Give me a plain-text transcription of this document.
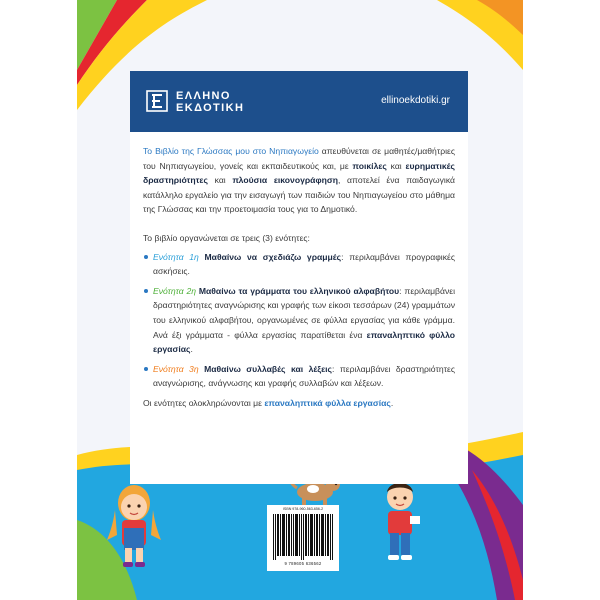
ΕΛΛΗΝΟ
ΕΚΔΟΤΙΚΗ
ellinoekdotiki.gr

Το Βιβλίο της Γλώσσας μου στο Νηπιαγωγείο απευθύνεται σε μαθητές/μαθήτριες του Νηπιαγωγείου, γονείς και εκπαιδευτικούς και, με ποικίλες και ευρηματικές δραστηριότητες και πλούσια εικονογράφηση, αποτελεί ένα παιδαγωγικά κατάλληλο εργαλείο για την εισαγωγή των παιδιών του Νηπιαγωγείου στο μάθημα της Γλώσσας και την προετοιμασία τους για το Δημοτικό.

Το βιβλίο οργανώνεται σε τρεις (3) ενότητες:

Ενότητα 1η Μαθαίνω να σχεδιάζω γραμμές: περιλαμβάνει προγραφικές ασκήσεις.
Ενότητα 2η Μαθαίνω τα γράμματα του ελληνικού αλφαβήτου: περιλαμβάνει δραστηριότητες αναγνώρισης και γραφής των είκοσι τεσσάρων (24) γραμμάτων του ελληνικού αλφαβήτου, οργανωμένες σε φύλλα εργασίας για κάθε γράμμα. Ανά έξι γράμματα - φύλλα εργασίας παρατίθεται ένα επαναληπτικό φύλλο εργασίας.
Ενότητα 3η Μαθαίνω συλλαβές και λέξεις: περιλαμβάνει δραστηριότητες αναγνώρισης, ανάγνωσης και γραφής συλλαβών και λέξεων.

Οι ενότητες ολοκληρώνονται με επαναληπτικά φύλλα εργασίας.

ISBN 978-960-563-656-2
9 789605 636562
